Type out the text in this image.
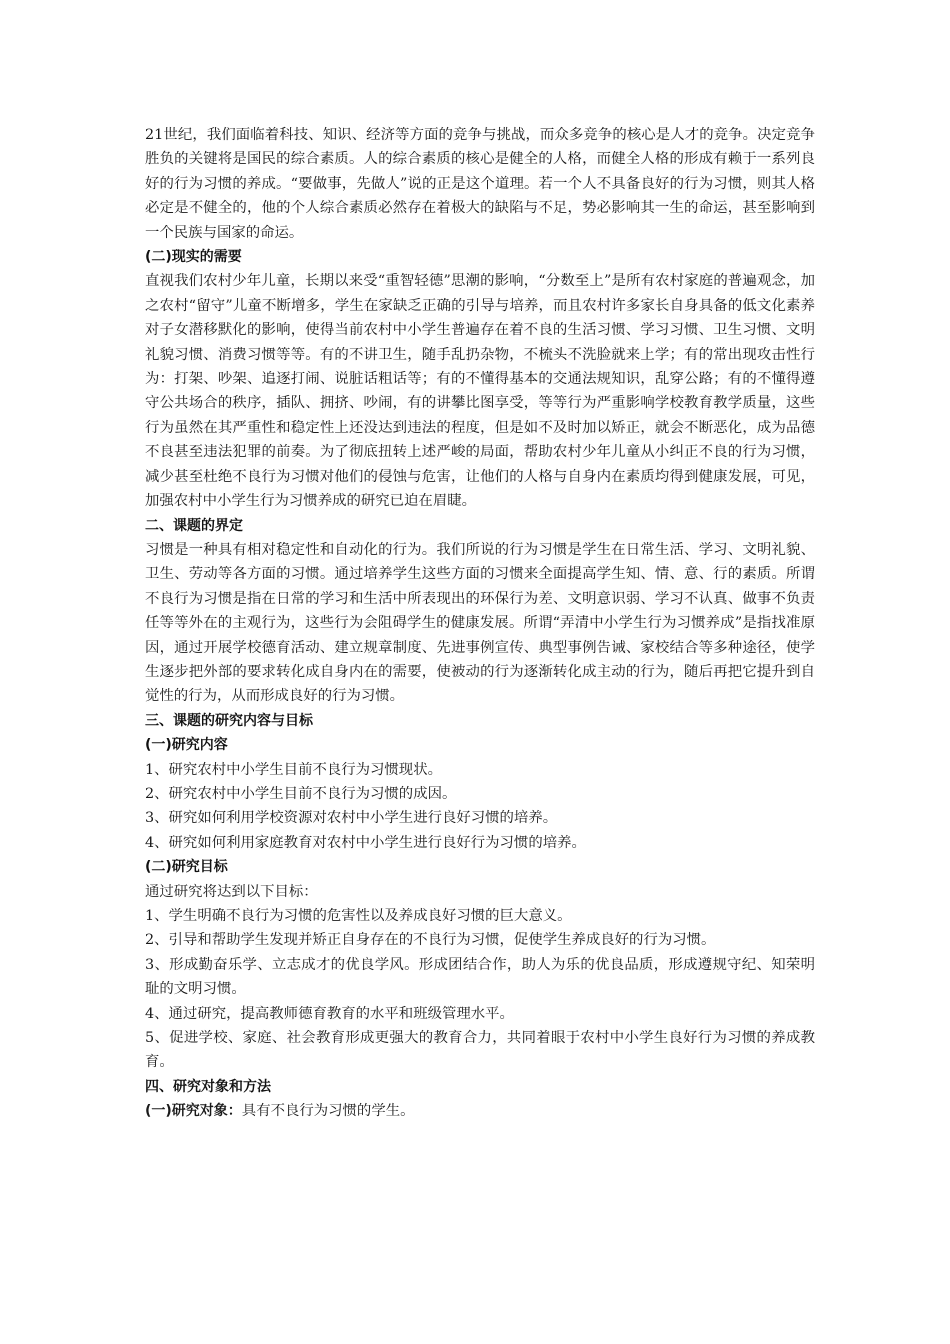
21世纪，我们面临着科技、知识、经济等方面的竞争与挑战，而众多竞争的核心是人才的竞争。决定竞争胜负的关键将是国民的综合素质。人的综合素质的核心是健全的人格，而健全人格的形成有赖于一系列良好的行为习惯的养成。“要做事，先做人”说的正是这个道理。若一个人不具备良好的行为习惯，则其人格必定是不健全的，他的个人综合素质必然存在着极大的缺陷与不足，势必影响其一生的命运，甚至影响到一个民族与国家的命运。

(二)现实的需要

直视我们农村少年儿童，长期以来受“重智轻德”思潮的影响，“分数至上”是所有农村家庭的普遍观念，加之农村“留守”儿童不断增多，学生在家缺乏正确的引导与培养，而且农村许多家长自身具备的低文化素养对子女潜移默化的影响，使得当前农村中小学生普遍存在着不良的生活习惯、学习习惯、卫生习惯、文明礼貌习惯、消费习惯等等。有的不讲卫生，随手乱扔杂物，不梳头不洗脸就来上学；有的常出现攻击性行为：打架、吵架、追逐打闹、说脏话粗话等；有的不懂得基本的交通法规知识，乱穿公路；有的不懂得遵守公共场合的秩序，插队、拥挤、吵闹，有的讲攀比图享受，等等行为严重影响学校教育教学质量，这些行为虽然在其严重性和稳定性上还没达到违法的程度，但是如不及时加以矫正，就会不断恶化，成为品德不良甚至违法犯罪的前奏。为了彻底扭转上述严峻的局面，帮助农村少年儿童从小纠正不良的行为习惯，减少甚至杜绝不良行为习惯对他们的侵蚀与危害，让他们的人格与自身内在素质均得到健康发展，可见，加强农村中小学生行为习惯养成的研究已迫在眉睫。

二、课题的界定

习惯是一种具有相对稳定性和自动化的行为。我们所说的行为习惯是学生在日常生活、学习、文明礼貌、卫生、劳动等各方面的习惯。通过培养学生这些方面的习惯来全面提高学生知、情、意、行的素质。所谓不良行为习惯是指在日常的学习和生活中所表现出的环保行为差、文明意识弱、学习不认真、做事不负责任等等外在的主观行为，这些行为会阻碍学生的健康发展。所谓“弄清中小学生行为习惯养成”是指找准原因，通过开展学校德育活动、建立规章制度、先进事例宣传、典型事例告诫、家校结合等多种途径，使学生逐步把外部的要求转化成自身内在的需要，使被动的行为逐渐转化成主动的行为，随后再把它提升到自觉性的行为，从而形成良好的行为习惯。

三、课题的研究内容与目标

(一)研究内容

1、研究农村中小学生目前不良行为习惯现状。

2、研究农村中小学生目前不良行为习惯的成因。

3、研究如何利用学校资源对农村中小学生进行良好习惯的培养。

4、研究如何利用家庭教育对农村中小学生进行良好行为习惯的培养。

(二)研究目标

通过研究将达到以下目标：

1、学生明确不良行为习惯的危害性以及养成良好习惯的巨大意义。

2、引导和帮助学生发现并矫正自身存在的不良行为习惯，促使学生养成良好的行为习惯。

3、形成勤奋乐学、立志成才的优良学风。形成团结合作，助人为乐的优良品质，形成遵规守纪、知荣明耻的文明习惯。

4、通过研究，提高教师德育教育的水平和班级管理水平。

5、促进学校、家庭、社会教育形成更强大的教育合力，共同着眼于农村中小学生良好行为习惯的养成教育。

四、研究对象和方法

(一)研究对象：具有不良行为习惯的学生。
